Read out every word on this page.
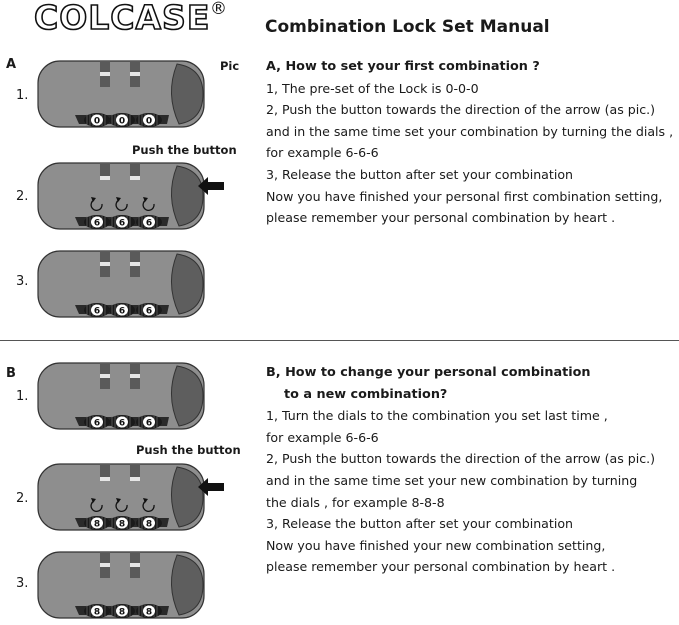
COLCASE ®
Combination Lock Set Manual
A	Pic
Push the button
1.
2.
3.
0 0 0
6 6 6
6 6 6
A, How to set your first combination ?
1, The pre-set of the Lock is 0-0-0
2, Push the button towards the direction of the arrow (as pic.)
and in the same time set your combination by turning the dials ,
for example 6-6-6
3, Release the button after set your combination
Now you have finished your personal first combination setting,
please remember your personal combination by heart .
B
Push the button
1.
2.
3.
6 6 6
8 8 8
8 8 8
B, How to change your personal combination
to a new combination?
1, Turn the dials to the combination you set last time ,
for example 6-6-6
2, Push the button towards the direction of the arrow (as pic.)
and in the same time set your new combination by turning
the dials , for example 8-8-8
3, Release the button after set your combination
Now you have finished your new combination setting,
please remember your personal combination by heart .
